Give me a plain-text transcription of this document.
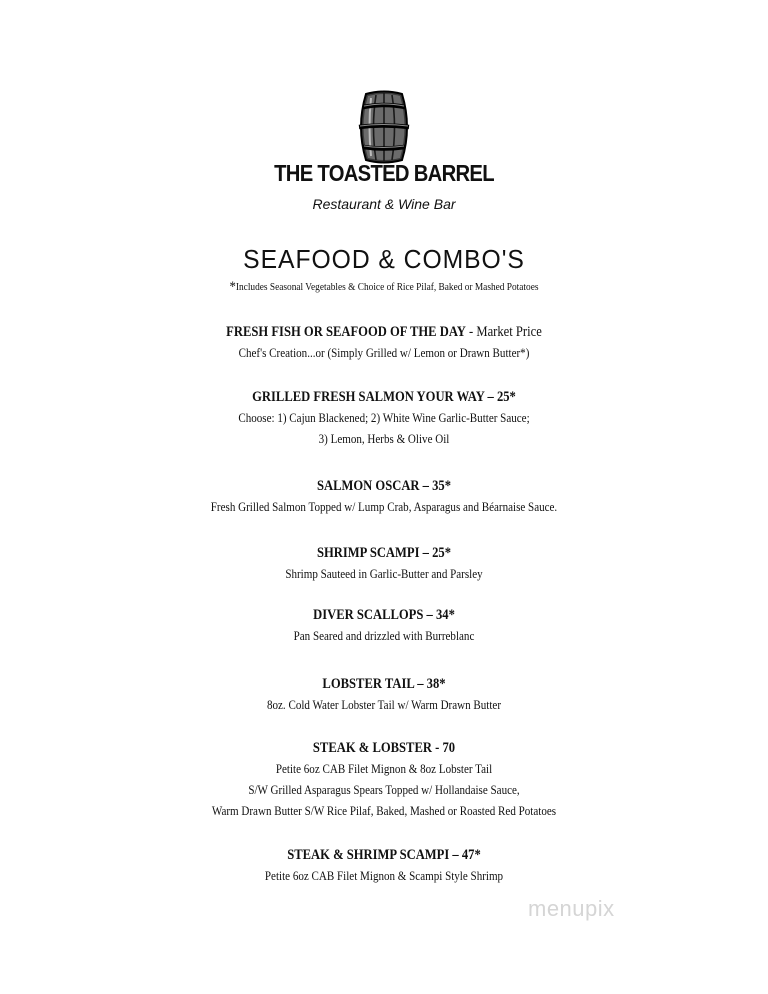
THE TOASTED BARREL
Restaurant & Wine Bar
SEAFOOD & COMBO'S
*Includes Seasonal Vegetables & Choice of Rice Pilaf, Baked or Mashed Potatoes
FRESH FISH OR SEAFOOD OF THE DAY - Market Price
Chef's Creation...or (Simply Grilled w/ Lemon or Drawn Butter*)
GRILLED FRESH SALMON YOUR WAY – 25*
Choose: 1) Cajun Blackened; 2) White Wine Garlic-Butter Sauce;
3) Lemon, Herbs & Olive Oil
SALMON OSCAR – 35*
Fresh Grilled Salmon Topped w/ Lump Crab, Asparagus and Béarnaise Sauce.
SHRIMP SCAMPI – 25*
Shrimp Sauteed in Garlic-Butter and Parsley
DIVER SCALLOPS – 34*
Pan Seared and drizzled with Burreblanc
LOBSTER TAIL – 38*
8oz. Cold Water Lobster Tail w/ Warm Drawn Butter
STEAK & LOBSTER - 70
Petite 6oz CAB Filet Mignon & 8oz Lobster Tail
S/W Grilled Asparagus Spears Topped w/ Hollandaise Sauce,
Warm Drawn Butter S/W Rice Pilaf, Baked, Mashed or Roasted Red Potatoes
STEAK & SHRIMP SCAMPI – 47*
Petite 6oz CAB Filet Mignon & Scampi Style Shrimp
menupix
